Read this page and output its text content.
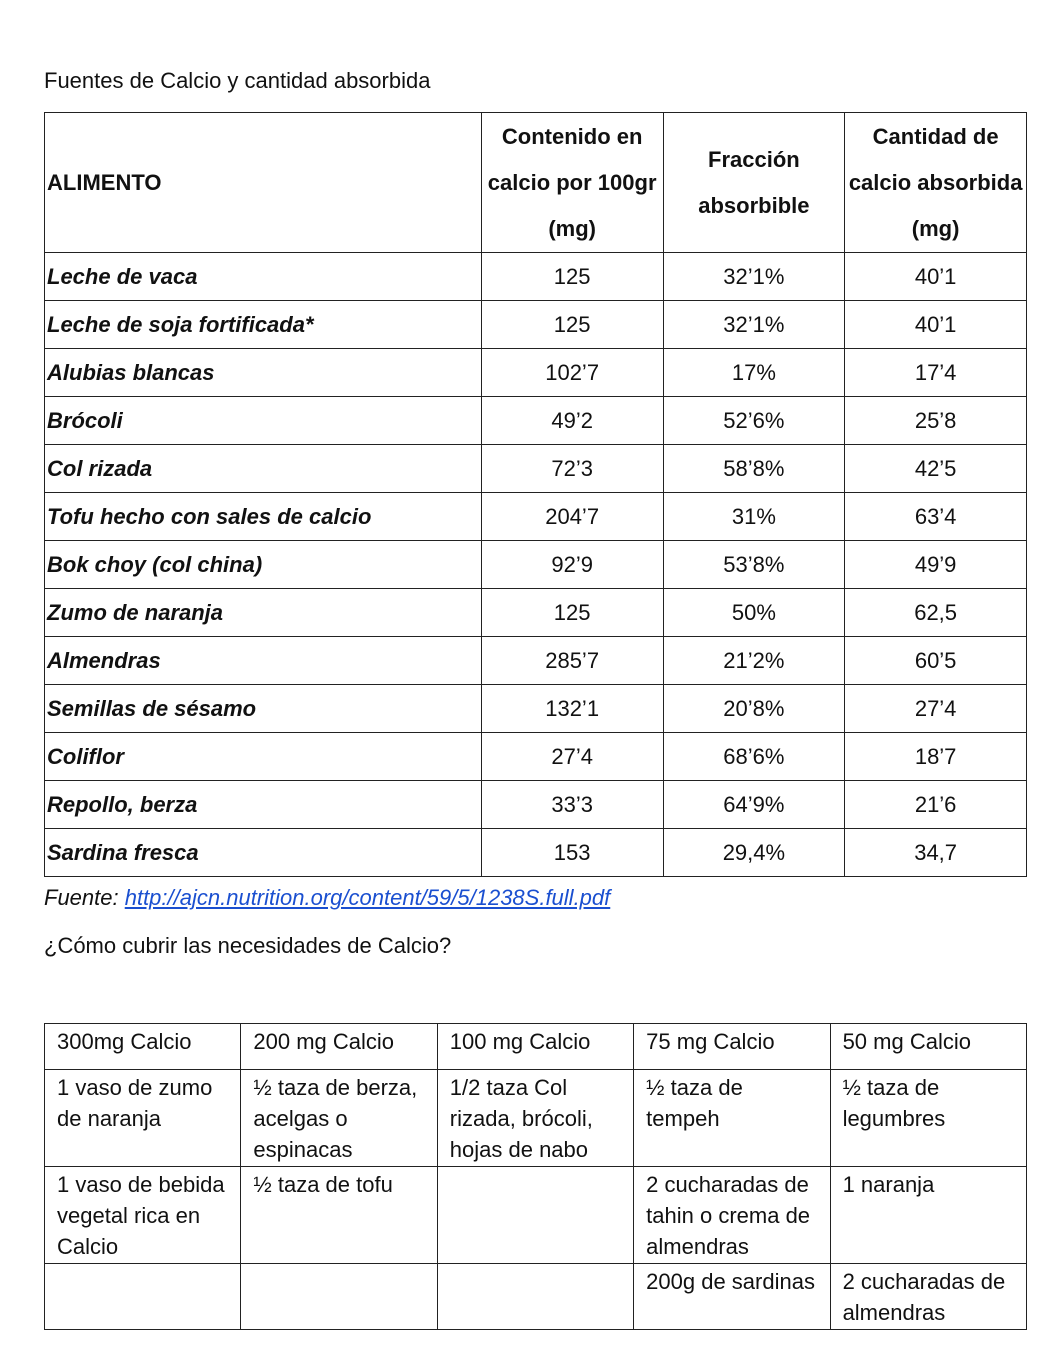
Fuentes de Calcio y cantidad absorbida

ALIMENTO	Contenido en calcio por 100gr (mg)	Fracción absorbible	Cantidad de calcio absorbida (mg)
Leche de vaca	125	32’1%	40’1
Leche de soja fortificada*	125	32’1%	40’1
Alubias blancas	102’7	17%	17’4
Brócoli	49’2	52’6%	25’8
Col rizada	72’3	58’8%	42’5
Tofu hecho con sales de calcio	204’7	31%	63’4
Bok choy (col china)	92’9	53’8%	49’9
Zumo de naranja	125	50%	62,5
Almendras	285’7	21’2%	60’5
Semillas de sésamo	132’1	20’8%	27’4
Coliflor	27’4	68’6%	18’7
Repollo, berza	33’3	64’9%	21’6
Sardina fresca	153	29,4%	34,7
Fuente: http://ajcn.nutrition.org/content/59/5/1238S.full.pdf

¿Cómo cubrir las necesidades de Calcio?

300mg Calcio	200 mg Calcio	100 mg Calcio	75 mg Calcio	50 mg Calcio
1 vaso de zumo de naranja	½ taza de berza, acelgas o espinacas	1/2 taza Col rizada, brócoli, hojas de nabo	½ taza de tempeh	½ taza de legumbres
1 vaso de bebida vegetal rica en Calcio	½ taza de tofu		2 cucharadas de tahin o crema de almendras	1 naranja
			200g de sardinas	2 cucharadas de almendras
